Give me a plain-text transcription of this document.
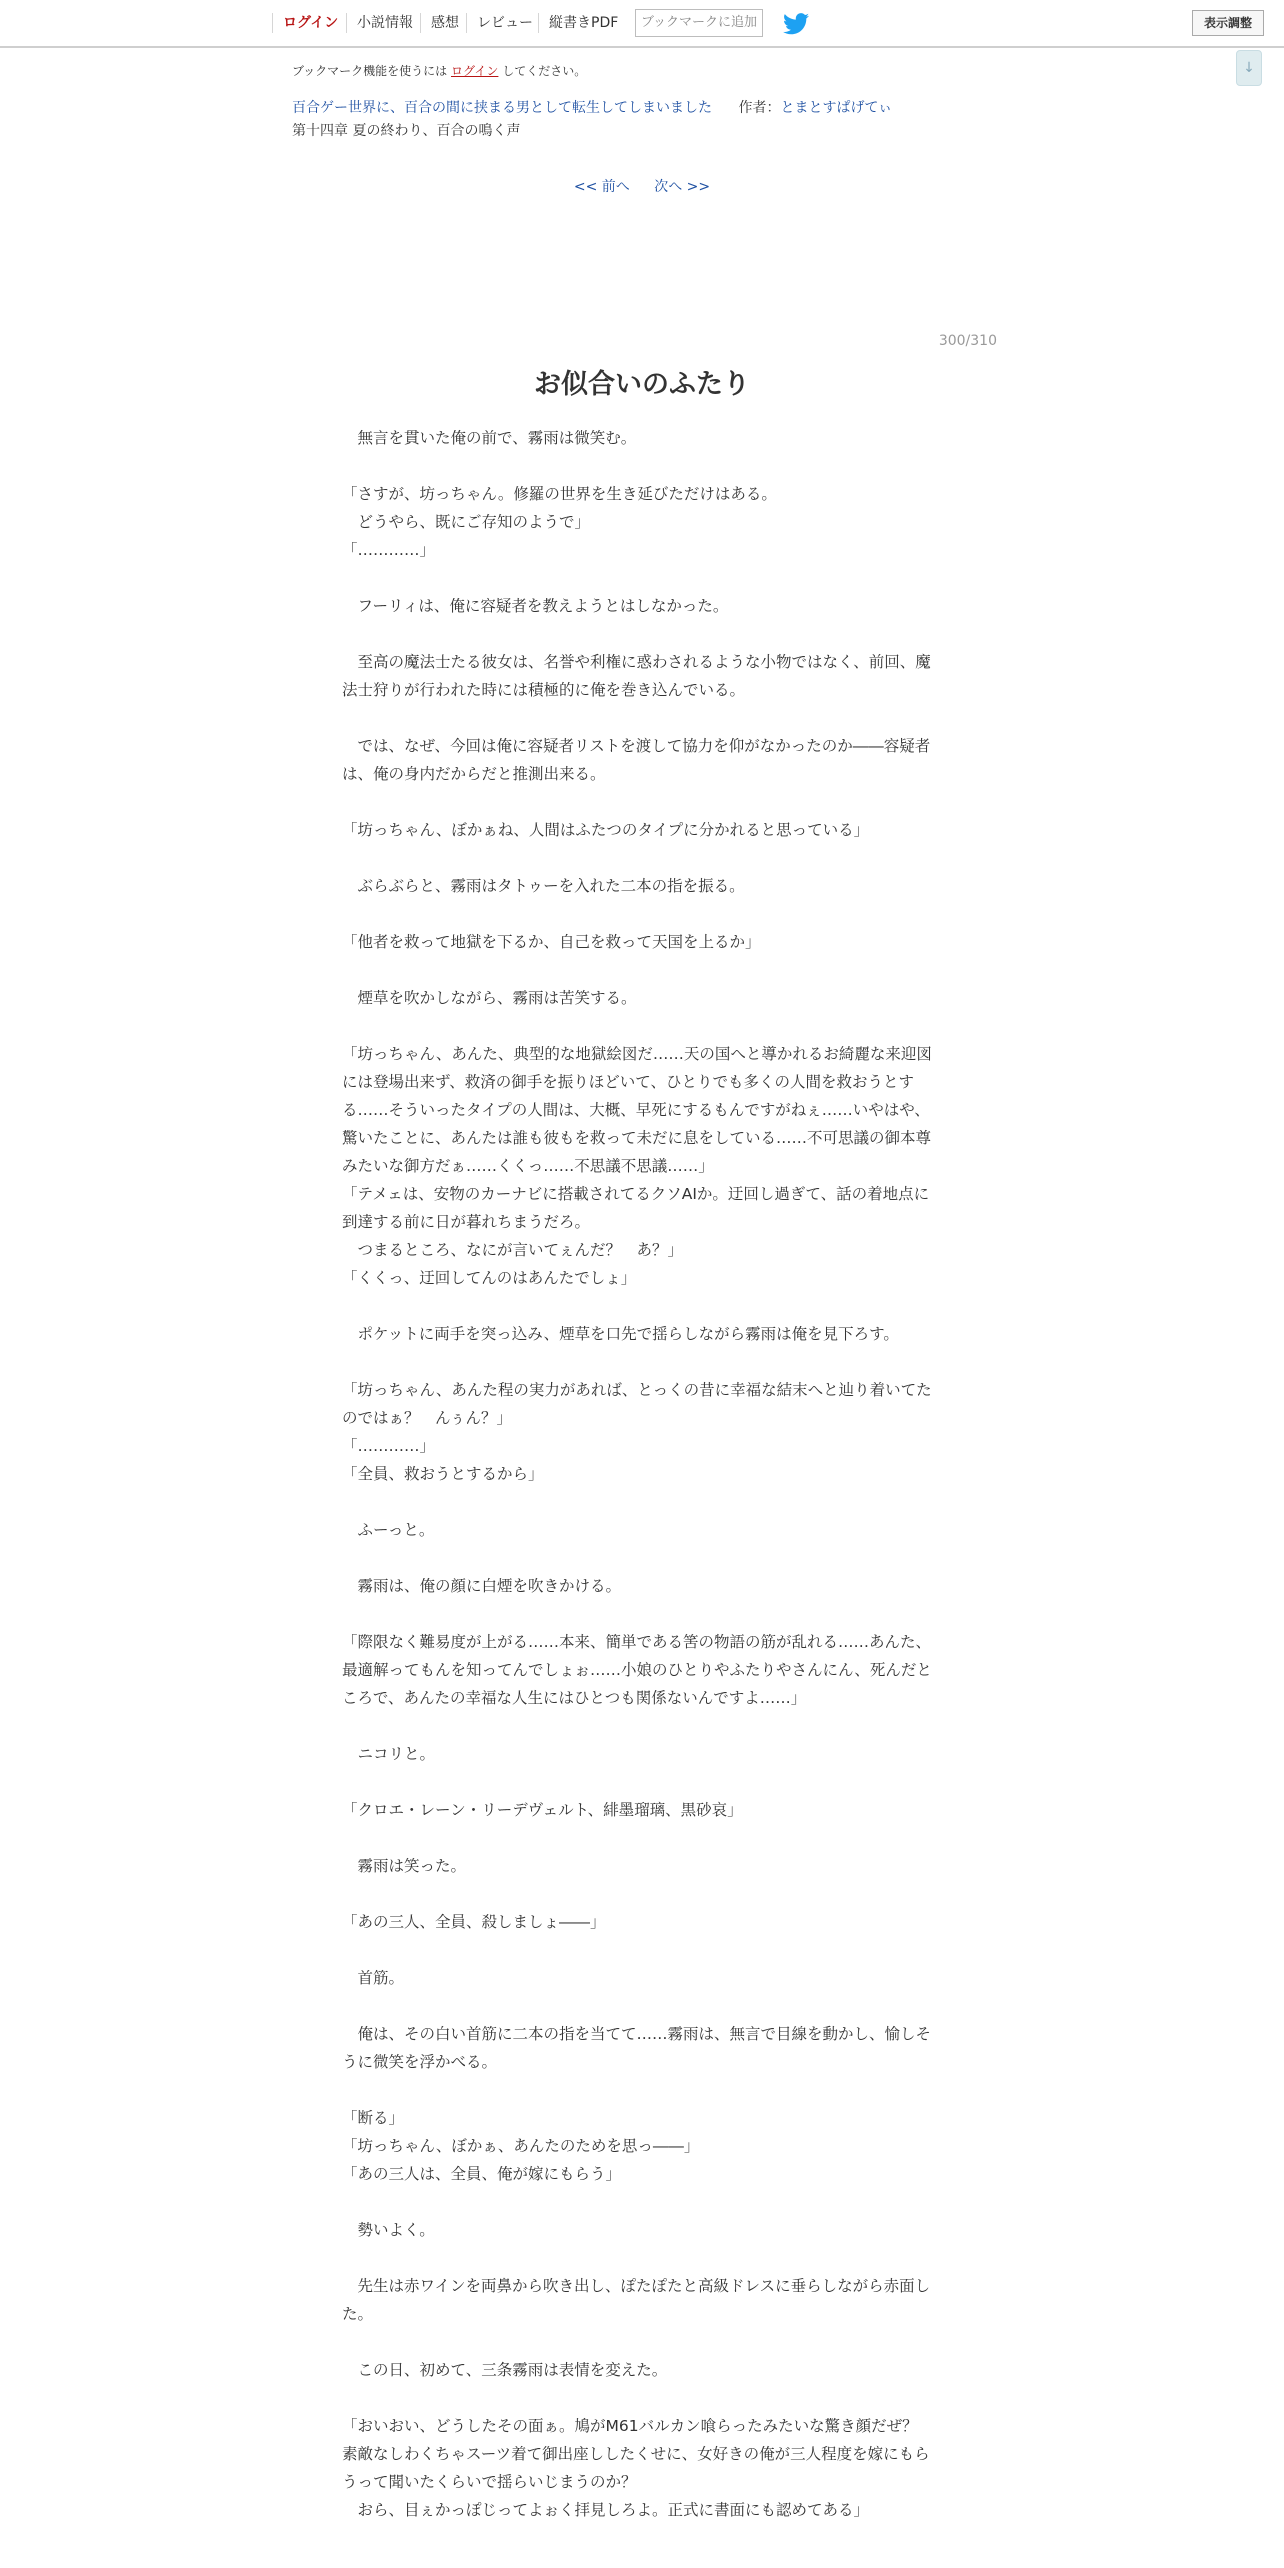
ログイン	小説情報	感想	レビュー	縦書きPDF	ブックマークに追加	表示調整
↓
ブックマーク機能を使うには ログイン してください。
百合ゲー世界に、百合の間に挟まる男として転生してしまいました 作者：とまとすぱげてぃ
第十四章 夏の終わり、百合の鳴く声
<< 前へ 次へ >>
300/310
お似合いのふたり

　無言を貫いた俺の前で、霧雨は微笑む。

「さすが、坊っちゃん。修羅の世界を生き延びただけはある。

　どうやら、既にご存知のようで」

「…………」

　フーリィは、俺に容疑者を教えようとはしなかった。

　至高の魔法士たる彼女は、名誉や利権に惑わされるような小物ではなく、前回、魔法士狩りが行われた時には積極的に俺を巻き込んでいる。

　では、なぜ、今回は俺に容疑者リストを渡して協力を仰がなかったのか――容疑者は、俺の身内だからだと推測出来る。

「坊っちゃん、ぼかぁね、人間はふたつのタイプに分かれると思っている」

　ぶらぶらと、霧雨はタトゥーを入れた二本の指を振る。

「他者を救って地獄を下るか、自己を救って天国を上るか」

　煙草を吹かしながら、霧雨は苦笑する。

「坊っちゃん、あんた、典型的な地獄絵図だ……天の国へと導かれるお綺麗な来迎図には登場出来ず、救済の御手を振りほどいて、ひとりでも多くの人間を救おうとする……そういったタイプの人間は、大概、早死にするもんですがねぇ……いやはや、驚いたことに、あんたは誰も彼もを救って未だに息をしている……不可思議の御本尊みたいな御方だぁ……くくっ……不思議不思議……」

「テメェは、安物のカーナビに搭載されてるクソAIか。迂回し過ぎて、話の着地点に到達する前に日が暮れちまうだろ。

　つまるところ、なにが言いてぇんだ？　あ？」

「くくっ、迂回してんのはあんたでしょ」

　ポケットに両手を突っ込み、煙草を口先で揺らしながら霧雨は俺を見下ろす。

「坊っちゃん、あんた程の実力があれば、とっくの昔に幸福な結末へと辿り着いてたのではぁ？　んぅん？」

「…………」

「全員、救おうとするから」

　ふーっと。

　霧雨は、俺の顔に白煙を吹きかける。

「際限なく難易度が上がる……本来、簡単である筈の物語の筋が乱れる……あんた、最適解ってもんを知ってんでしょぉ……小娘のひとりやふたりやさんにん、死んだところで、あんたの幸福な人生にはひとつも関係ないんですよ……」

　ニコリと。

「クロエ・レーン・リーデヴェルト、緋墨瑠璃、黒砂哀」

　霧雨は笑った。

「あの三人、全員、殺しましょ――」

　首筋。

　俺は、その白い首筋に二本の指を当てて……霧雨は、無言で目線を動かし、愉しそうに微笑を浮かべる。

「断る」

「坊っちゃん、ぼかぁ、あんたのためを思っ――」

「あの三人は、全員、俺が嫁にもらう」

　勢いよく。

　先生は赤ワインを両鼻から吹き出し、ぽたぽたと高級ドレスに垂らしながら赤面した。

　この日、初めて、三条霧雨は表情を変えた。

「おいおい、どうしたその面ぁ。鳩がM61バルカン喰らったみたいな驚き顔だぜ？　素敵なしわくちゃスーツ着て御出座ししたくせに、女好きの俺が三人程度を嫁にもらうって聞いたくらいで揺らいじまうのか？

　おら、目ぇかっぽじってよぉく拝見しろよ。正式に書面にも認めてある」
